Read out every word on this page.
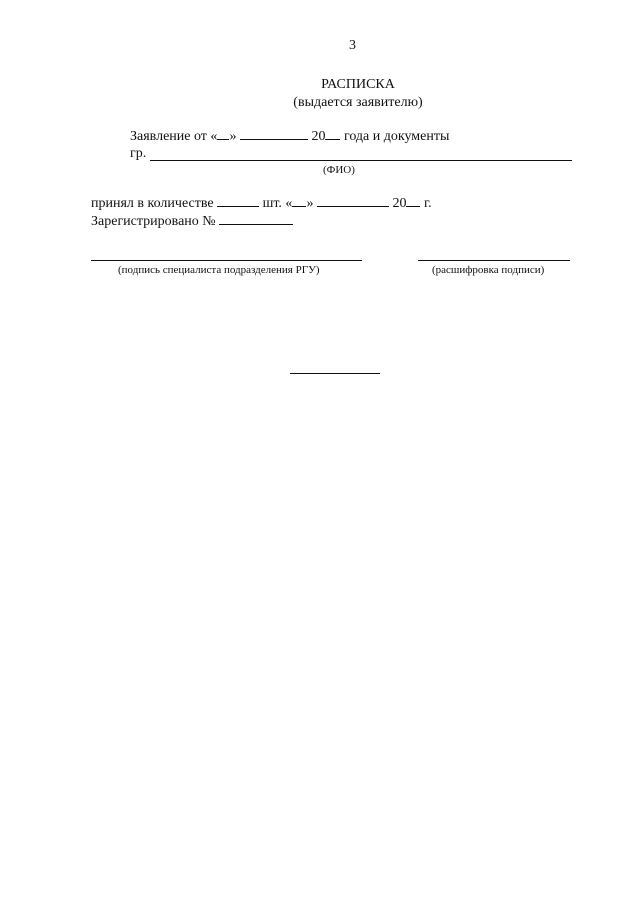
3
РАСПИСКА
(выдается заявителю)
Заявление от « »	20 года и документы
гр.
(ФИО)
принял в количестве	шт. « »	20 г.
Зарегистрировано №
(подпись специалиста подразделения РГУ)	(расшифровка подписи)
